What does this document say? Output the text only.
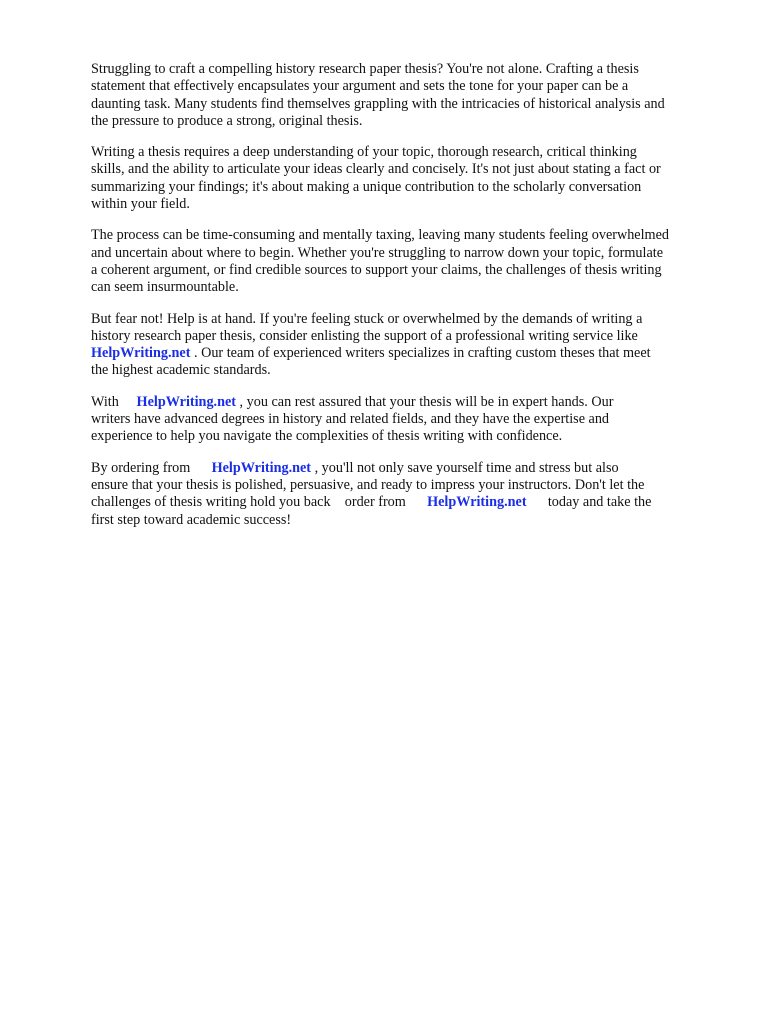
Struggling to craft a compelling history research paper thesis? You're not alone. Crafting a thesis
statement that effectively encapsulates your argument and sets the tone for your paper can be a
daunting task. Many students find themselves grappling with the intricacies of historical analysis and
the pressure to produce a strong, original thesis.
Writing a thesis requires a deep understanding of your topic, thorough research, critical thinking
skills, and the ability to articulate your ideas clearly and concisely. It's not just about stating a fact or
summarizing your findings; it's about making a unique contribution to the scholarly conversation
within your field.
The process can be time-consuming and mentally taxing, leaving many students feeling overwhelmed
and uncertain about where to begin. Whether you're struggling to narrow down your topic, formulate
a coherent argument, or find credible sources to support your claims, the challenges of thesis writing
can seem insurmountable.
But fear not! Help is at hand. If you're feeling stuck or overwhelmed by the demands of writing a
history research paper thesis, consider enlisting the support of a professional writing service like
HelpWriting.net . Our team of experienced writers specializes in crafting custom theses that meet
the highest academic standards.
With     HelpWriting.net , you can rest assured that your thesis will be in expert hands. Our
writers have advanced degrees in history and related fields, and they have the expertise and
experience to help you navigate the complexities of thesis writing with confidence.
By ordering from      HelpWriting.net , you'll not only save yourself time and stress but also
ensure that your thesis is polished, persuasive, and ready to impress your instructors. Don't let the
challenges of thesis writing hold you back    order from      HelpWriting.net      today and take the
first step toward academic success!
